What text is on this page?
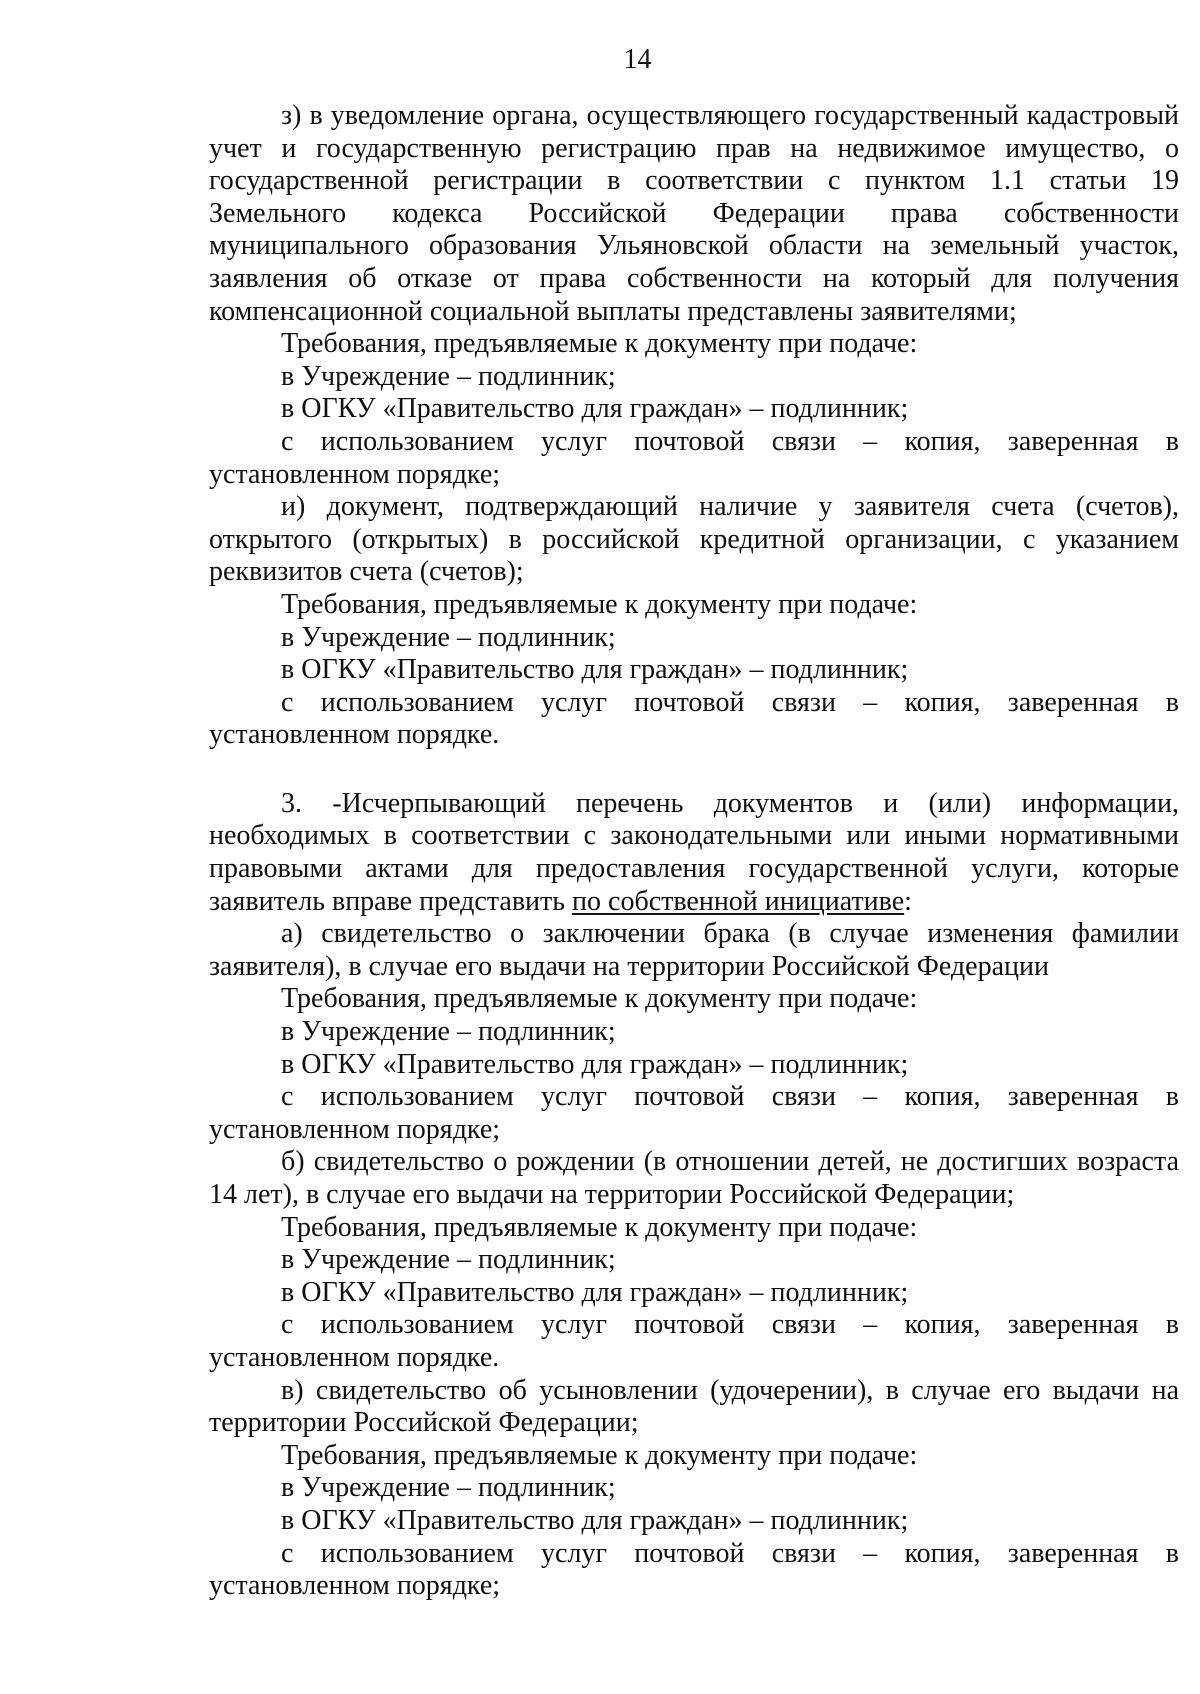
14

з) в уведомление органа, осуществляющего государственный кадастровый учет и государственную регистрацию прав на недвижимое имущество, о государственной регистрации в соответствии с пунктом 1.1 статьи 19 Земельного кодекса Российской Федерации права собственности муниципального образования Ульяновской области на земельный участок, заявления об отказе от права собственности на который для получения компенсационной социальной выплаты представлены заявителями;

Требования, предъявляемые к документу при подаче:

в Учреждение – подлинник;

в ОГКУ «Правительство для граждан» – подлинник;

с использованием услуг почтовой связи – копия, заверенная в

установленном порядке;

и) документ, подтверждающий наличие у заявителя счета (счетов), открытого (открытых) в российской кредитной организации, с указанием реквизитов счета (счетов);

Требования, предъявляемые к документу при подаче:

в Учреждение – подлинник;

в ОГКУ «Правительство для граждан» – подлинник;

с использованием услуг почтовой связи – копия, заверенная в

установленном порядке.

3. -Исчерпывающий перечень документов и (или) информации, необходимых в соответствии с законодательными или иными нормативными правовыми актами для предоставления государственной услуги, которые заявитель вправе представить по собственной инициативе:

а) свидетельство о заключении брака (в случае изменения фамилии заявителя), в случае его выдачи на территории Российской Федерации

Требования, предъявляемые к документу при подаче:

в Учреждение – подлинник;

в ОГКУ «Правительство для граждан» – подлинник;

с использованием услуг почтовой связи – копия, заверенная в

установленном порядке;

б) свидетельство о рождении (в отношении детей, не достигших возраста 14 лет), в случае его выдачи на территории Российской Федерации;

Требования, предъявляемые к документу при подаче:

в Учреждение – подлинник;

в ОГКУ «Правительство для граждан» – подлинник;

с использованием услуг почтовой связи – копия, заверенная в

установленном порядке.

в) свидетельство об усыновлении (удочерении), в случае его выдачи на территории Российской Федерации;

Требования, предъявляемые к документу при подаче:

в Учреждение – подлинник;

в ОГКУ «Правительство для граждан» – подлинник;

с использованием услуг почтовой связи – копия, заверенная в

установленном порядке;
